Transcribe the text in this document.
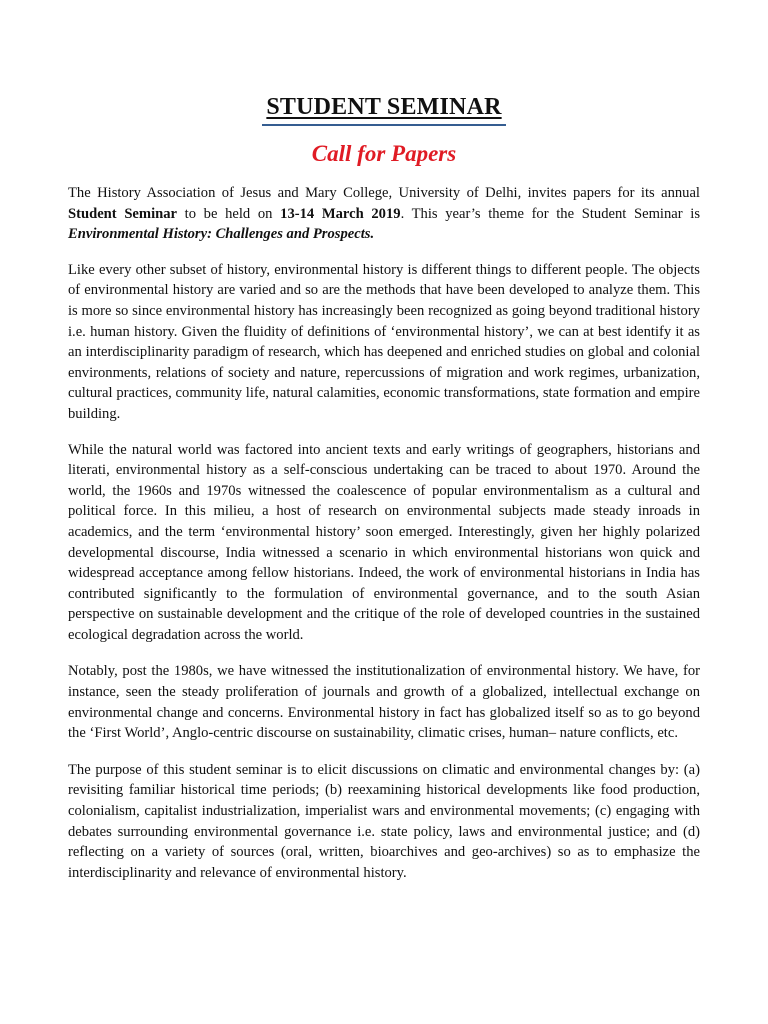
STUDENT SEMINAR
Call for Papers

The History Association of Jesus and Mary College, University of Delhi, invites papers for its annual Student Seminar to be held on 13-14 March 2019. This year’s theme for the Student Seminar is Environmental History: Challenges and Prospects.

Like every other subset of history, environmental history is different things to different people. The objects of environmental history are varied and so are the methods that have been developed to analyze them. This is more so since environmental history has increasingly been recognized as going beyond traditional history i.e. human history. Given the fluidity of definitions of ‘environmental history’, we can at best identify it as an interdisciplinarity paradigm of research, which has deepened and enriched studies on global and colonial environments, relations of society and nature, repercussions of migration and work regimes, urbanization, cultural practices, community life, natural calamities, economic transformations, state formation and empire building.

While the natural world was factored into ancient texts and early writings of geographers, historians and literati, environmental history as a self-conscious undertaking can be traced to about 1970. Around the world, the 1960s and 1970s witnessed the coalescence of popular environmentalism as a cultural and political force. In this milieu, a host of research on environmental subjects made steady inroads in academics, and the term ‘environmental history’ soon emerged. Interestingly, given her highly polarized developmental discourse, India witnessed a scenario in which environmental historians won quick and widespread acceptance among fellow historians. Indeed, the work of environmental historians in India has contributed significantly to the formulation of environmental governance, and to the south Asian perspective on sustainable development and the critique of the role of developed countries in the sustained ecological degradation across the world.

Notably, post the 1980s, we have witnessed the institutionalization of environmental history. We have, for instance, seen the steady proliferation of journals and growth of a globalized, intellectual exchange on environmental change and concerns. Environmental history in fact has globalized itself so as to go beyond the ‘First World’, Anglo-centric discourse on sustainability, climatic crises, human– nature conflicts, etc.

The purpose of this student seminar is to elicit discussions on climatic and environmental changes by: (a) revisiting familiar historical time periods; (b) reexamining historical developments like food production, colonialism, capitalist industrialization, imperialist wars and environmental movements; (c) engaging with debates surrounding environmental governance i.e. state policy, laws and environmental justice; and (d) reflecting on a variety of sources (oral, written, bioarchives and geo-archives) so as to emphasize the interdisciplinarity and relevance of environmental history.
